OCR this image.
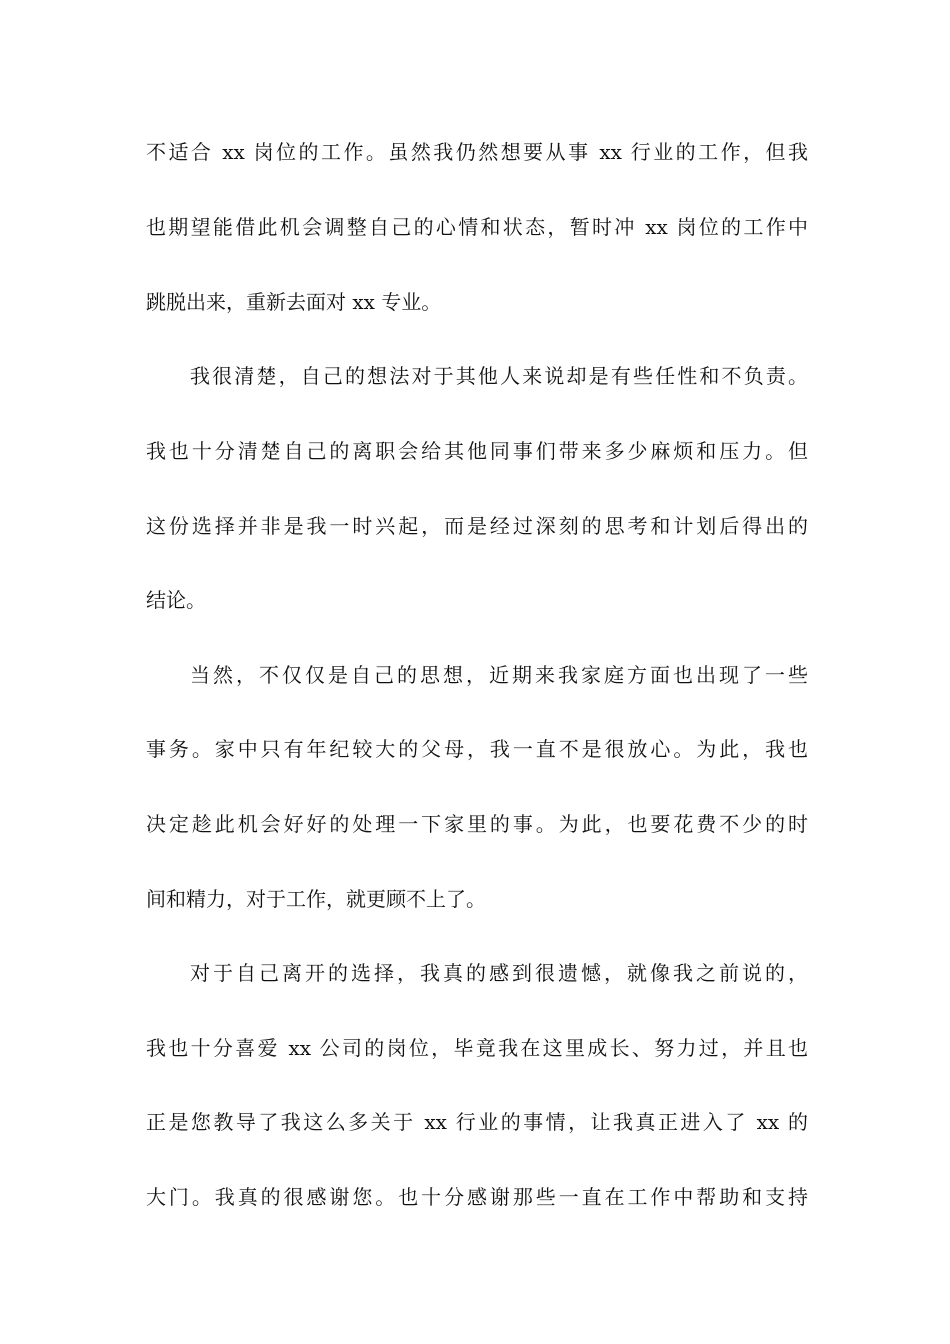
不适合 xx 岗位的工作。虽然我仍然想要从事 xx 行业的工作，但我
也期望能借此机会调整自己的心情和状态，暂时冲 xx 岗位的工作中
跳脱出来，重新去面对 xx 专业。
我很清楚，自己的想法对于其他人来说却是有些任性和不负责。
我也十分清楚自己的离职会给其他同事们带来多少麻烦和压力。但
这份选择并非是我一时兴起，而是经过深刻的思考和计划后得出的
结论。
当然，不仅仅是自己的思想，近期来我家庭方面也出现了一些
事务。家中只有年纪较大的父母，我一直不是很放心。为此，我也
决定趁此机会好好的处理一下家里的事。为此，也要花费不少的时
间和精力，对于工作，就更顾不上了。
对于自己离开的选择，我真的感到很遗憾，就像我之前说的，
我也十分喜爱 xx 公司的岗位，毕竟我在这里成长、努力过，并且也
正是您教导了我这么多关于 xx 行业的事情，让我真正进入了 xx 的
大门。我真的很感谢您。也十分感谢那些一直在工作中帮助和支持
